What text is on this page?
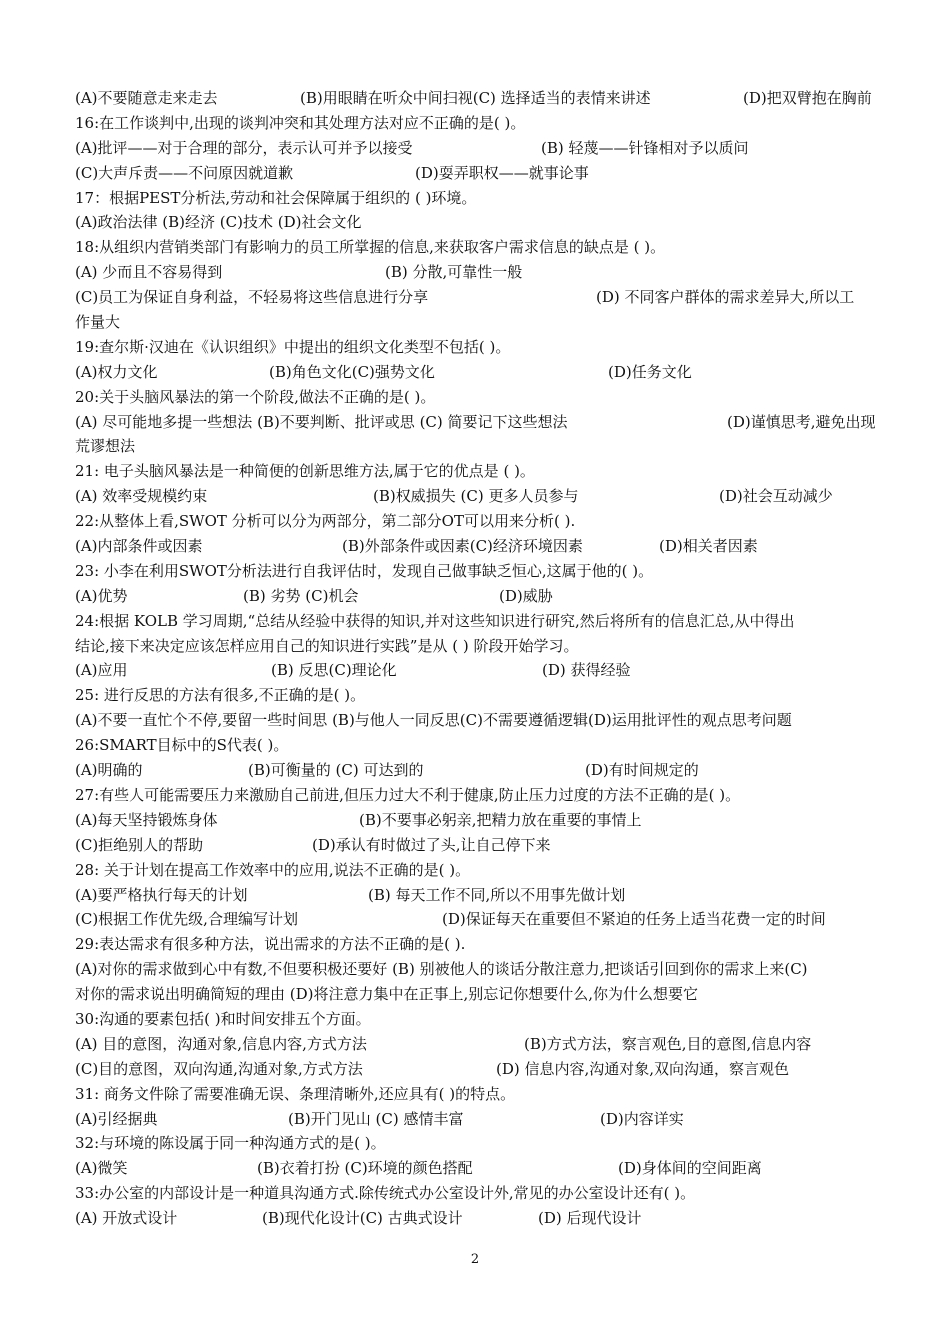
(A)不要随意走来走去	(B)用眼睛在听众中间扫视(C) 选择适当的表情来讲述	(D)把双臂抱在胸前
16:在工作谈判中,出现的谈判冲突和其处理方法对应不正确的是( )。
(A)批评——对于合理的部分，表示认可并予以接受	(B) 轻蔑——针锋相对予以质问
(C)大声斥责——不问原因就道歉	(D)耍弄职权——就事论事
17：根据PEST分析法,劳动和社会保障属于组织的 ( )环境。
(A)政治法律 (B)经济 (C)技术 (D)社会文化
18:从组织内营销类部门有影响力的员工所掌握的信息,来获取客户需求信息的缺点是 ( )。
(A) 少而且不容易得到	(B) 分散,可靠性一般
(C)员工为保证自身利益，不轻易将这些信息进行分享	(D) 不同客户群体的需求差异大,所以工
作量大
19:查尔斯·汉迪在《认识组织》中提出的组织文化类型不包括( )。
(A)权力文化	(B)角色文化(C)强势文化	(D)任务文化
20:关于头脑风暴法的第一个阶段,做法不正确的是( )。
(A) 尽可能地多提一些想法 (B)不要判断、批评或思 (C) 简要记下这些想法	(D)谨慎思考,避免出现
荒谬想法
21: 电子头脑风暴法是一种简便的创新思维方法,属于它的优点是 ( )。
(A) 效率受规模约束	(B)权威损失 (C) 更多人员参与	(D)社会互动减少
22:从整体上看,SWOT 分析可以分为两部分，第二部分OT可以用来分析( ).
(A)内部条件或因素	(B)外部条件或因素(C)经济环境因素	(D)相关者因素
23: 小李在利用SWOT分析法进行自我评估时，发现自己做事缺乏恒心,这属于他的( )。
(A)优势	(B) 劣势 (C)机会	(D)威胁
24:根据 KOLB 学习周期,“总结从经验中获得的知识,并对这些知识进行研究,然后将所有的信息汇总,从中得出
结论,接下来决定应该怎样应用自己的知识进行实践”是从 ( ) 阶段开始学习。
(A)应用	(B) 反思(C)理论化	(D) 获得经验
25: 进行反思的方法有很多,不正确的是( )。
(A)不要一直忙个不停,要留一些时间思 (B)与他人一同反思(C)不需要遵循逻辑(D)运用批评性的观点思考问题
26:SMART目标中的S代表( )。
(A)明确的	(B)可衡量的 (C) 可达到的	(D)有时间规定的
27:有些人可能需要压力来激励自己前进,但压力过大不利于健康,防止压力过度的方法不正确的是( )。
(A)每天坚持锻炼身体	(B)不要事必躬亲,把精力放在重要的事情上
(C)拒绝别人的帮助	(D)承认有时做过了头,让自己停下来
28: 关于计划在提高工作效率中的应用,说法不正确的是( )。
(A)要严格执行每天的计划	(B) 每天工作不同,所以不用事先做计划
(C)根据工作优先级,合理编写计划	(D)保证每天在重要但不紧迫的任务上适当花费一定的时间
29:表达需求有很多种方法，说出需求的方法不正确的是( ).
(A)对你的需求做到心中有数,不但要积极还要好 (B) 别被他人的谈话分散注意力,把谈话引回到你的需求上来(C)
对你的需求说出明确简短的理由 (D)将注意力集中在正事上,别忘记你想要什么,你为什么想要它
30:沟通的要素包括( )和时间安排五个方面。
(A) 目的意图，沟通对象,信息内容,方式方法	(B)方式方法，察言观色,目的意图,信息内容
(C)目的意图，双向沟通,沟通对象,方式方法	(D) 信息内容,沟通对象,双向沟通，察言观色
31: 商务文件除了需要准确无误、条理清晰外,还应具有( )的特点。
(A)引经据典	(B)开门见山 (C) 感情丰富	(D)内容详实
32:与环境的陈设属于同一种沟通方式的是( )。
(A)微笑	(B)衣着打扮 (C)环境的颜色搭配	(D)身体间的空间距离
33:办公室的内部设计是一种道具沟通方式.除传统式办公室设计外,常见的办公室设计还有( )。
(A) 开放式设计	(B)现代化设计(C) 古典式设计	(D) 后现代设计
2
